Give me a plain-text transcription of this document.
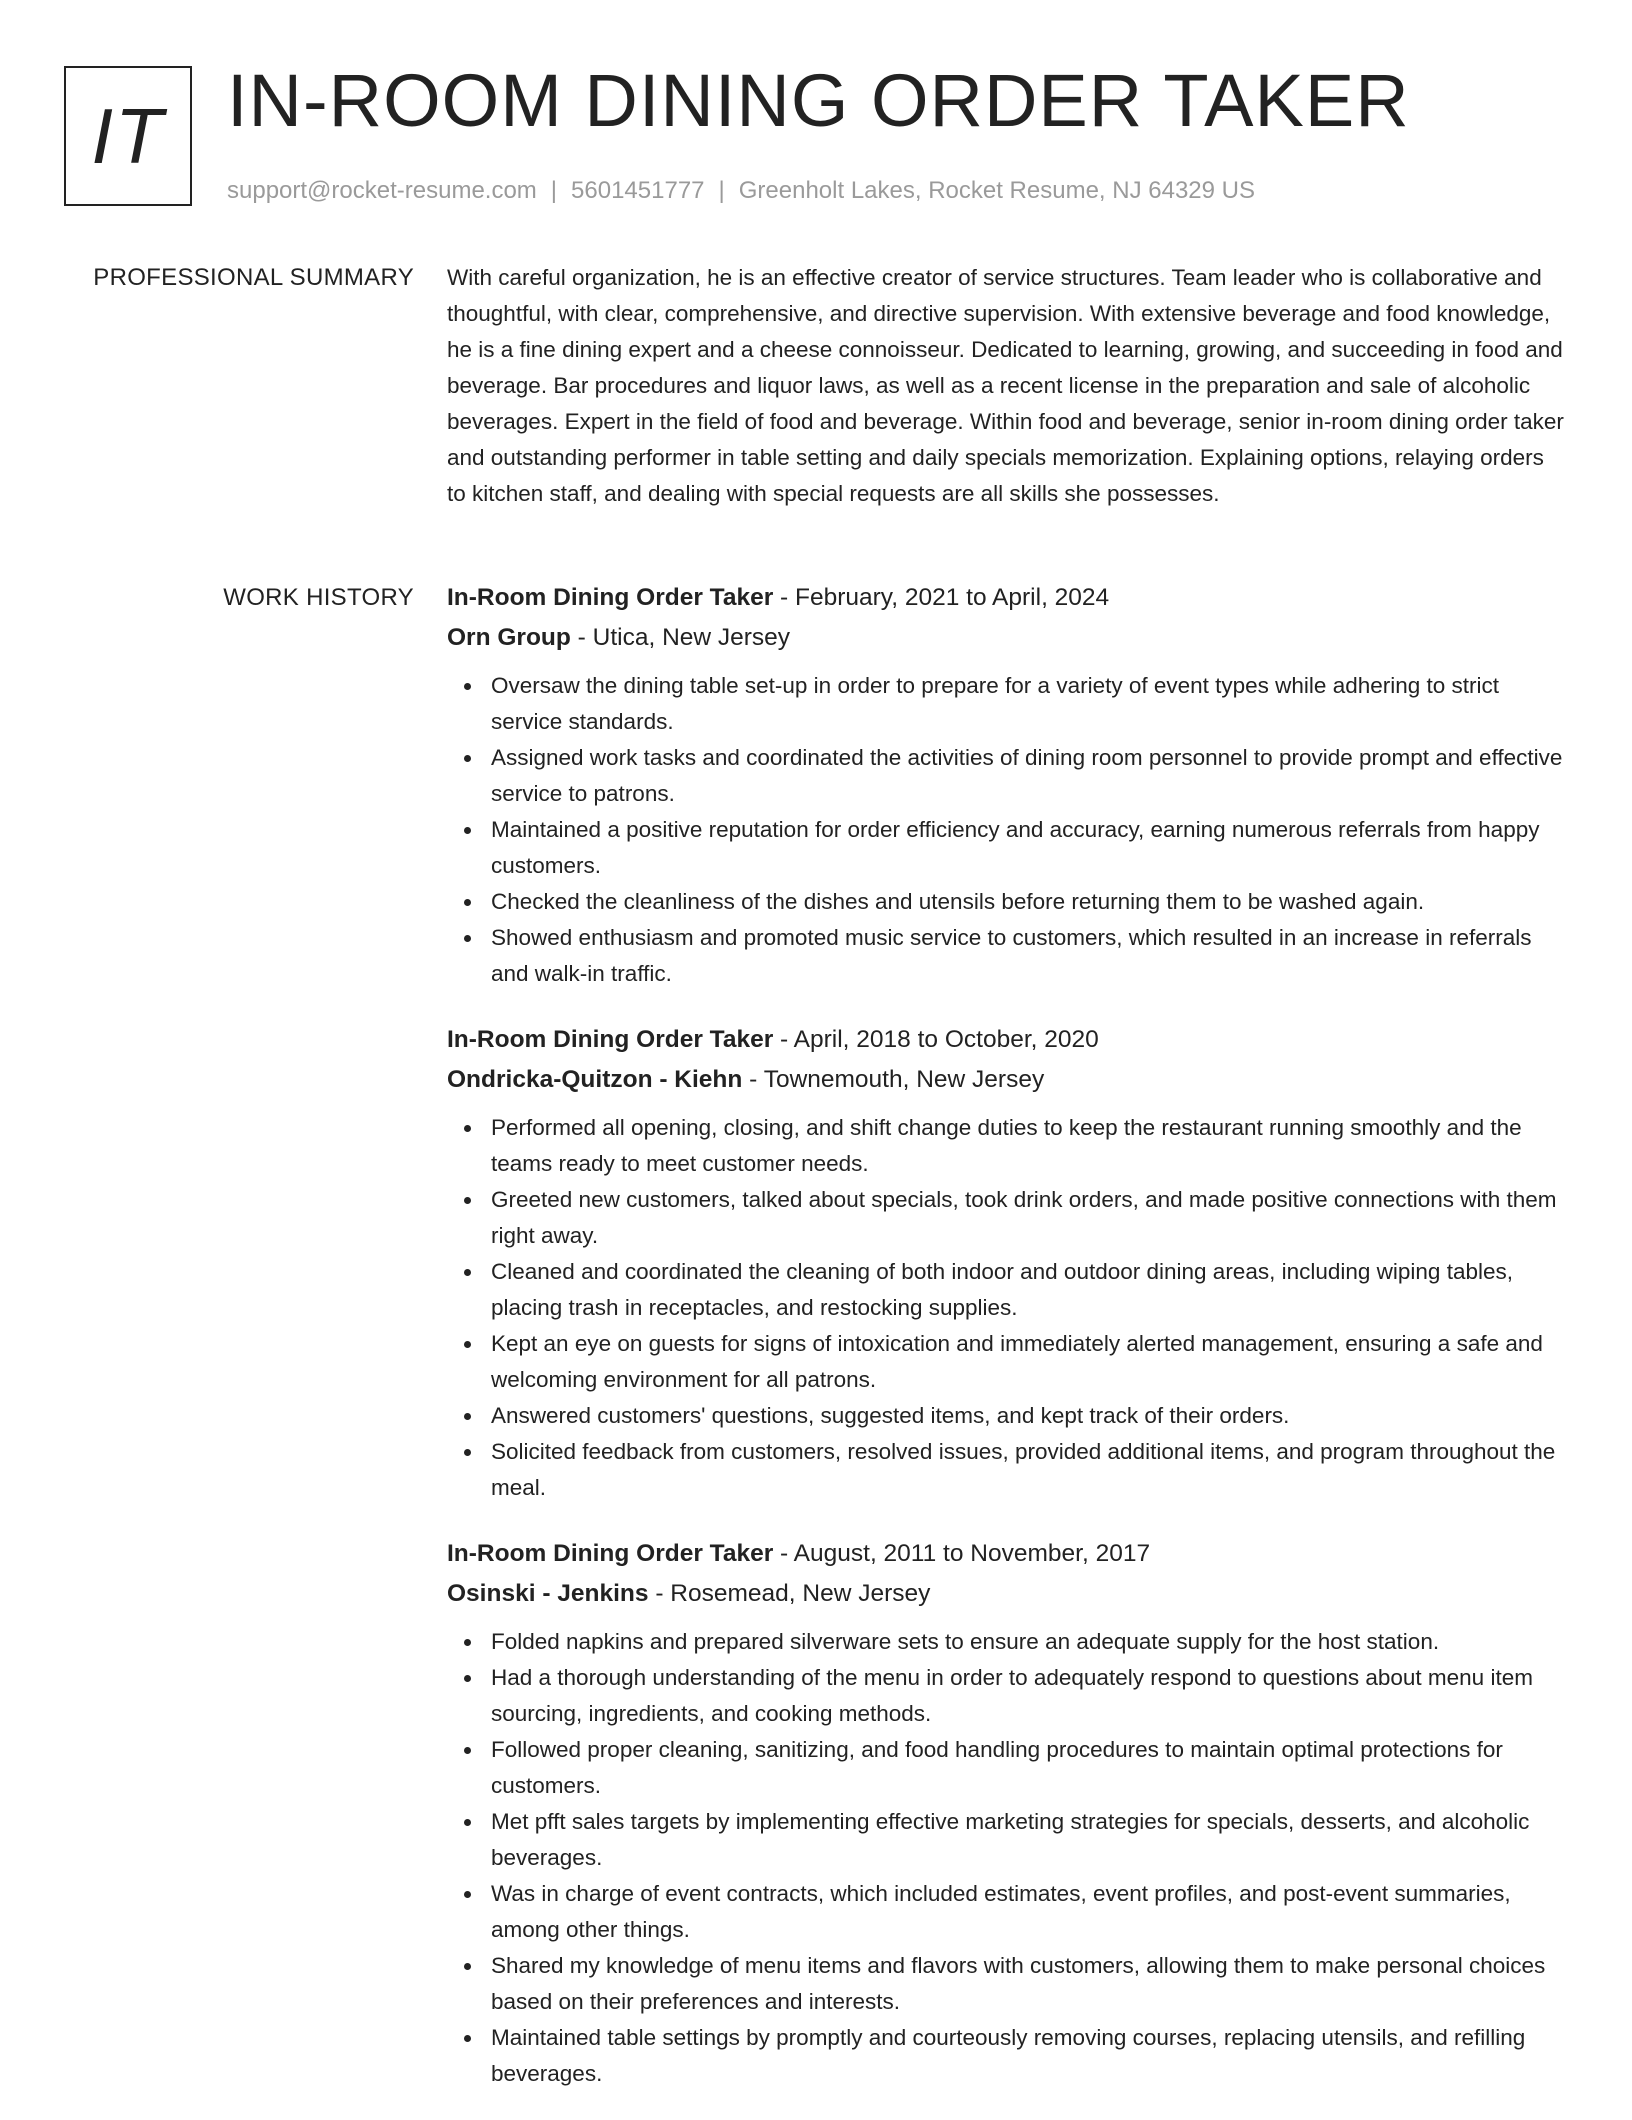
IT IN-ROOM DINING ORDER TAKER
support@rocket-resume.com | 5601451777 | Greenholt Lakes, Rocket Resume, NJ 64329 US
PROFESSIONAL SUMMARY With careful organization, he is an effective creator of service structures. Team leader who is collaborative and thoughtful, with clear, comprehensive, and directive supervision. With extensive beverage and food knowledge, he is a fine dining expert and a cheese connoisseur. Dedicated to learning, growing, and succeeding in food and beverage. Bar procedures and liquor laws, as well as a recent license in the preparation and sale of alcoholic beverages. Expert in the field of food and beverage. Within food and beverage, senior in-room dining order taker and outstanding performer in table setting and daily specials memorization. Explaining options, relaying orders to kitchen staff, and dealing with special requests are all skills she possesses.

WORK HISTORY In-Room Dining Order Taker - February, 2021 to April, 2024
Orn Group - Utica, New Jersey
Oversaw the dining table set-up in order to prepare for a variety of event types while adhering to strict service standards.
Assigned work tasks and coordinated the activities of dining room personnel to provide prompt and effective service to patrons.
Maintained a positive reputation for order efficiency and accuracy, earning numerous referrals from happy customers.
Checked the cleanliness of the dishes and utensils before returning them to be washed again.
Showed enthusiasm and promoted music service to customers, which resulted in an increase in referrals and walk-in traffic.
In-Room Dining Order Taker - April, 2018 to October, 2020
Ondricka-Quitzon - Kiehn - Townemouth, New Jersey
Performed all opening, closing, and shift change duties to keep the restaurant running smoothly and the teams ready to meet customer needs.
Greeted new customers, talked about specials, took drink orders, and made positive connections with them right away.
Cleaned and coordinated the cleaning of both indoor and outdoor dining areas, including wiping tables, placing trash in receptacles, and restocking supplies.
Kept an eye on guests for signs of intoxication and immediately alerted management, ensuring a safe and welcoming environment for all patrons.
Answered customers' questions, suggested items, and kept track of their orders.
Solicited feedback from customers, resolved issues, provided additional items, and program throughout the meal.
In-Room Dining Order Taker - August, 2011 to November, 2017
Osinski - Jenkins - Rosemead, New Jersey
Folded napkins and prepared silverware sets to ensure an adequate supply for the host station.
Had a thorough understanding of the menu in order to adequately respond to questions about menu item sourcing, ingredients, and cooking methods.
Followed proper cleaning, sanitizing, and food handling procedures to maintain optimal protections for customers.
Met pfft sales targets by implementing effective marketing strategies for specials, desserts, and alcoholic beverages.
Was in charge of event contracts, which included estimates, event profiles, and post-event summaries, among other things.
Shared my knowledge of menu items and flavors with customers, allowing them to make personal choices based on their preferences and interests.
Maintained table settings by promptly and courteously removing courses, replacing utensils, and refilling beverages.
